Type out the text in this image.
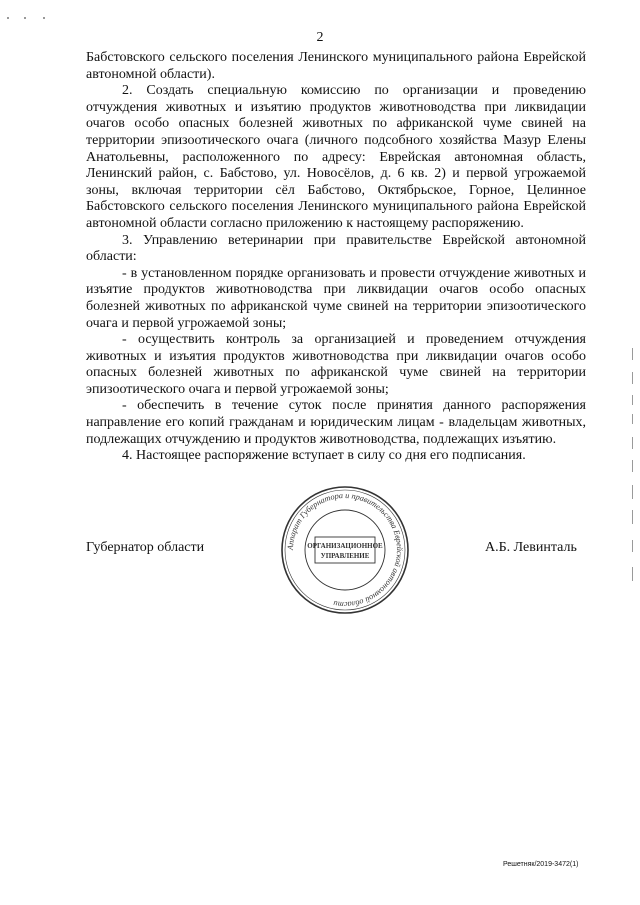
2

Бабстовского сельского поселения Ленинского муниципального района Еврейской автономной области).

2. Создать специальную комиссию по организации и проведению отчуждения животных и изъятию продуктов животноводства при ликвидации очагов особо опасных болезней животных по африканской чуме свиней на территории эпизоотического очага (личного подсобного хозяйства Мазур Елены Анатольевны, расположенного по адресу: Еврейская автономная область, Ленинский район, с. Бабстово, ул. Новосёлов, д. 6 кв. 2) и первой угрожаемой зоны, включая территории сёл Бабстово, Октябрьское, Горное, Целинное Бабстовского сельского поселения Ленинского муниципального района Еврейской автономной области согласно приложению к настоящему распоряжению.

3. Управлению ветеринарии при правительстве Еврейской автономной области:

- в установленном порядке организовать и провести отчуждение животных и изъятие продуктов животноводства при ликвидации очагов особо опасных болезней животных по африканской чуме свиней на территории эпизоотического очага и первой угрожаемой зоны;

- осуществить контроль за организацией и проведением отчуждения животных и изъятия продуктов животноводства при ликвидации очагов особо опасных болезней животных по африканской чуме свиней на территории эпизоотического очага и первой угрожаемой зоны;

- обеспечить в течение суток после принятия данного распоряжения направление его копий гражданам и юридическим лицам - владельцам животных, подлежащих отчуждению и продуктов животноводства, подлежащих изъятию.

4. Настоящее распоряжение вступает в силу со дня его подписания.

Губернатор области	А.Б. Левинталь
Аппарат Губернатора и правительства Еврейской автономной области
ОРГАНИЗАЦИОННОЕ
УПРАВЛЕНИЕ
Решетняк/2019-3472(1)
